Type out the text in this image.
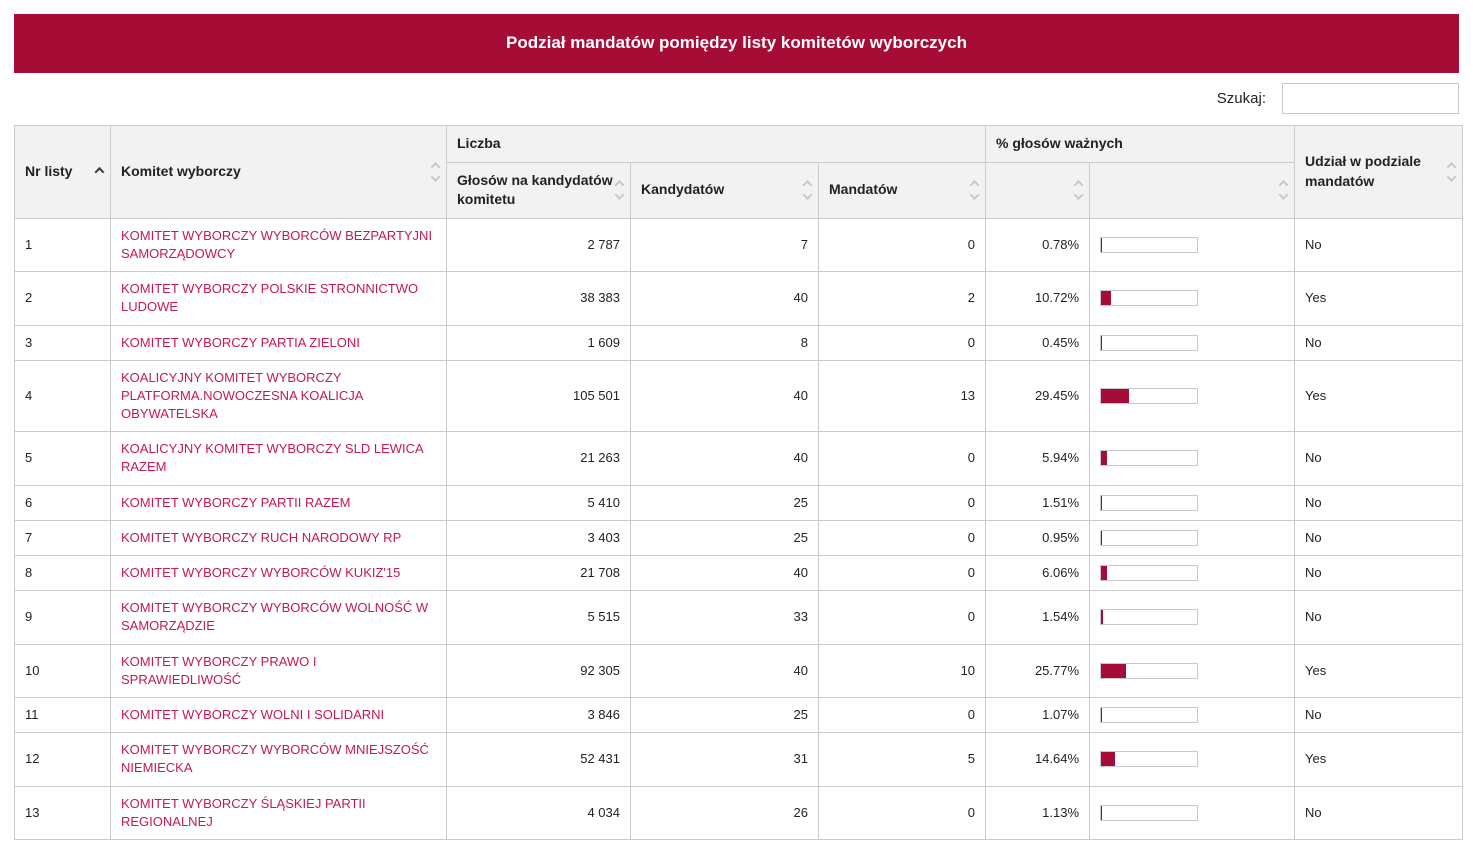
Podział mandatów pomiędzy listy komitetów wyborczych
Szukaj:
Nr listy	Komitet wyborczy	Liczba			% głosów ważnych		Udział w podziale mandatów

		Głosów na kandydatów komitetu	Kandydatów	Mandatów	

1	KOMITET WYBORCZY WYBORCÓW BEZPARTYJNI SAMORZĄDOWCY	2 787	7	0	0.78%		No
2	KOMITET WYBORCZY POLSKIE STRONNICTWO LUDOWE	38 383	40	2	10.72%		Yes
3	KOMITET WYBORCZY PARTIA ZIELONI	1 609	8	0	0.45%		No
4	KOALICYJNY KOMITET WYBORCZY PLATFORMA.NOWOCZESNA KOALICJA OBYWATELSKA	105 501	40	13	29.45%		Yes
5	KOALICYJNY KOMITET WYBORCZY SLD LEWICA RAZEM	21 263	40	0	5.94%		No
6	KOMITET WYBORCZY PARTII RAZEM	5 410	25	0	1.51%		No
7	KOMITET WYBORCZY RUCH NARODOWY RP	3 403	25	0	0.95%		No
8	KOMITET WYBORCZY WYBORCÓW KUKIZ'15	21 708	40	0	6.06%		No
9	KOMITET WYBORCZY WYBORCÓW WOLNOŚĆ W SAMORZĄDZIE	5 515	33	0	1.54%		No
10	KOMITET WYBORCZY PRAWO I SPRAWIEDLIWOŚĆ	92 305	40	10	25.77%		Yes
11	KOMITET WYBORCZY WOLNI I SOLIDARNI	3 846	25	0	1.07%		No
12	KOMITET WYBORCZY WYBORCÓW MNIEJSZOŚĆ NIEMIECKA	52 431	31	5	14.64%		Yes
13	KOMITET WYBORCZY ŚLĄSKIEJ PARTII REGIONALNEJ	4 034	26	0	1.13%		No
